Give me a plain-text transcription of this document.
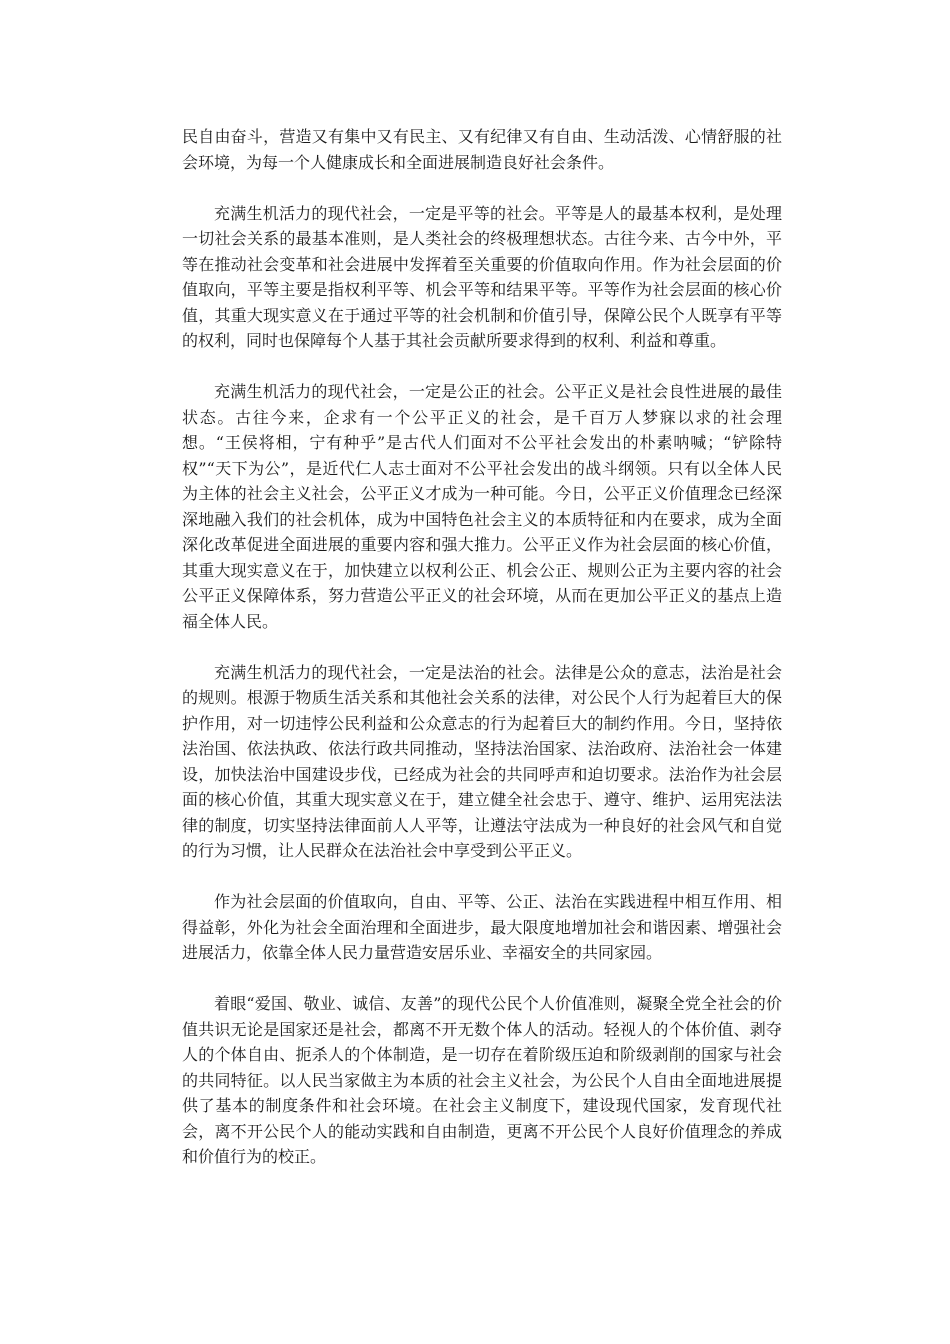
民自由奋斗，营造又有集中又有民主、又有纪律又有自由、生动活泼、心情舒服的社会环境，为每一个人健康成长和全面进展制造良好社会条件。

充满生机活力的现代社会，一定是平等的社会。平等是人的最基本权利，是处理一切社会关系的最基本准则，是人类社会的终极理想状态。古往今来、古今中外，平等在推动社会变革和社会进展中发挥着至关重要的价值取向作用。作为社会层面的价值取向，平等主要是指权利平等、机会平等和结果平等。平等作为社会层面的核心价值，其重大现实意义在于通过平等的社会机制和价值引导，保障公民个人既享有平等的权利，同时也保障每个人基于其社会贡献所要求得到的权利、利益和尊重。

充满生机活力的现代社会，一定是公正的社会。公平正义是社会良性进展的最佳状态。古往今来，企求有一个公平正义的社会，是千百万人梦寐以求的社会理想。“王侯将相，宁有种乎”是古代人们面对不公平社会发出的朴素呐喊；“铲除特权”“天下为公”，是近代仁人志士面对不公平社会发出的战斗纲领。只有以全体人民为主体的社会主义社会，公平正义才成为一种可能。今日，公平正义价值理念已经深深地融入我们的社会机体，成为中国特色社会主义的本质特征和内在要求，成为全面深化改革促进全面进展的重要内容和强大推力。公平正义作为社会层面的核心价值，其重大现实意义在于，加快建立以权利公正、机会公正、规则公正为主要内容的社会公平正义保障体系，努力营造公平正义的社会环境，从而在更加公平正义的基点上造福全体人民。

充满生机活力的现代社会，一定是法治的社会。法律是公众的意志，法治是社会的规则。根源于物质生活关系和其他社会关系的法律，对公民个人行为起着巨大的保护作用，对一切违悖公民利益和公众意志的行为起着巨大的制约作用。今日，坚持依法治国、依法执政、依法行政共同推动，坚持法治国家、法治政府、法治社会一体建设，加快法治中国建设步伐，已经成为社会的共同呼声和迫切要求。法治作为社会层面的核心价值，其重大现实意义在于，建立健全社会忠于、遵守、维护、运用宪法法律的制度，切实坚持法律面前人人平等，让遵法守法成为一种良好的社会风气和自觉的行为习惯，让人民群众在法治社会中享受到公平正义。

作为社会层面的价值取向，自由、平等、公正、法治在实践进程中相互作用、相得益彰，外化为社会全面治理和全面进步，最大限度地增加社会和谐因素、增强社会进展活力，依靠全体人民力量营造安居乐业、幸福安全的共同家园。

着眼“爱国、敬业、诚信、友善”的现代公民个人价值准则，凝聚全党全社会的价值共识无论是国家还是社会，都离不开无数个体人的活动。轻视人的个体价值、剥夺人的个体自由、扼杀人的个体制造，是一切存在着阶级压迫和阶级剥削的国家与社会的共同特征。以人民当家做主为本质的社会主义社会，为公民个人自由全面地进展提供了基本的制度条件和社会环境。在社会主义制度下，建设现代国家，发育现代社会，离不开公民个人的能动实践和自由制造，更离不开公民个人良好价值理念的养成和价值行为的校正。
